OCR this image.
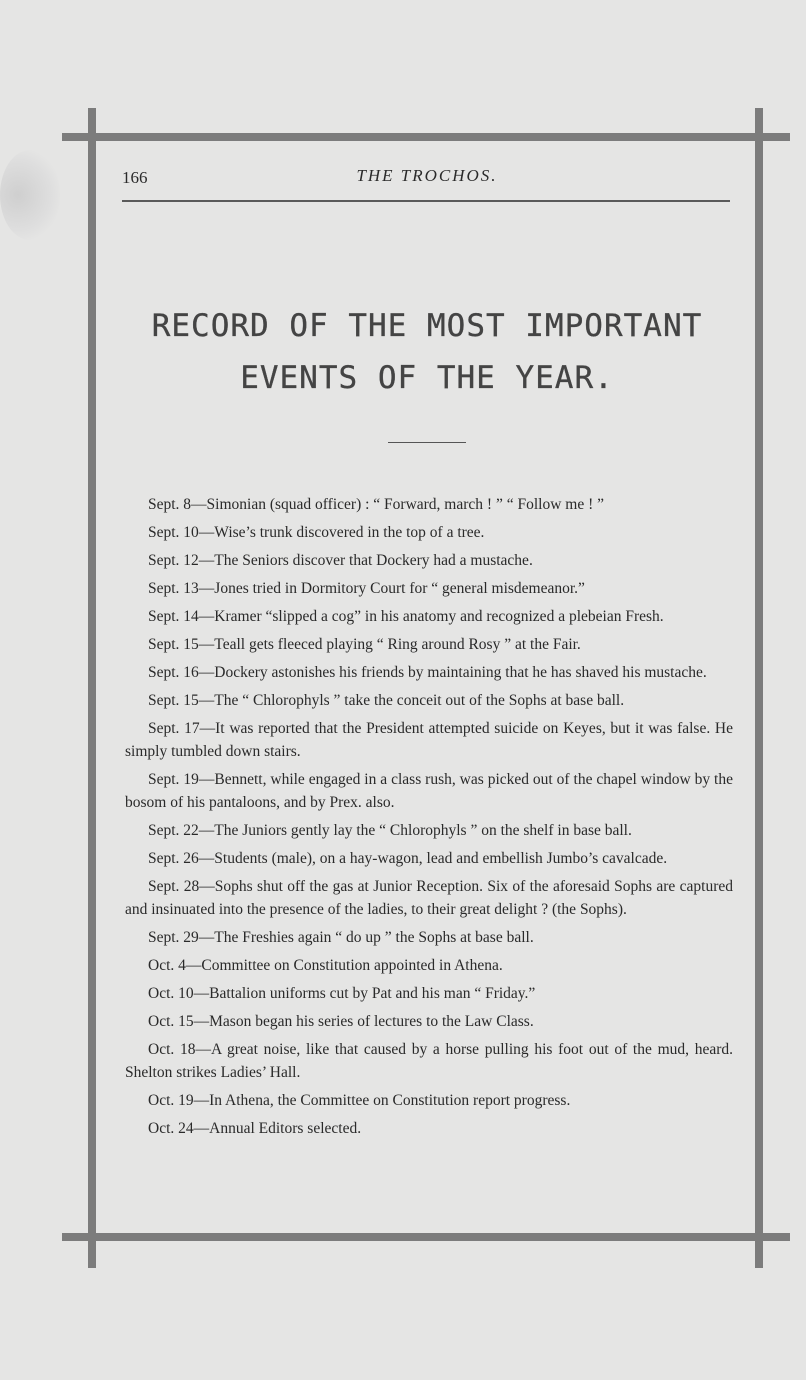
166	THE TROCHOS.
RECORD OF THE MOST IMPORTANT
EVENTS OF THE YEAR.

Sept. 8—Simonian (squad officer) : “ Forward, march ! ” “ Follow me ! ”

Sept. 10—Wise’s trunk discovered in the top of a tree.

Sept. 12—The Seniors discover that Dockery had a mustache.

Sept. 13—Jones tried in Dormitory Court for “ general misdemeanor.”

Sept. 14—Kramer “slipped a cog” in his anatomy and recognized a plebeian Fresh.

Sept. 15—Teall gets fleeced playing “ Ring around Rosy ” at the Fair.

Sept. 16—Dockery astonishes his friends by maintaining that he has shaved his mustache.

Sept. 15—The “ Chlorophyls ” take the conceit out of the Sophs at base ball.

Sept. 17—It was reported that the President attempted suicide on Keyes, but it was false. He simply tumbled down stairs.

Sept. 19—Bennett, while engaged in a class rush, was picked out of the chapel window by the bosom of his pantaloons, and by Prex. also.

Sept. 22—The Juniors gently lay the “ Chlorophyls ” on the shelf in base ball.

Sept. 26—Students (male), on a hay-wagon, lead and embellish Jumbo’s cavalcade.

Sept. 28—Sophs shut off the gas at Junior Reception. Six of the aforesaid Sophs are captured and insinuated into the presence of the ladies, to their great delight ? (the Sophs).

Sept. 29—The Freshies again “ do up ” the Sophs at base ball.

Oct. 4—Committee on Constitution appointed in Athena.

Oct. 10—Battalion uniforms cut by Pat and his man “ Friday.”

Oct. 15—Mason began his series of lectures to the Law Class.

Oct. 18—A great noise, like that caused by a horse pulling his foot out of the mud, heard. Shelton strikes Ladies’ Hall.

Oct. 19—In Athena, the Committee on Constitution report progress.

Oct. 24—Annual Editors selected.
